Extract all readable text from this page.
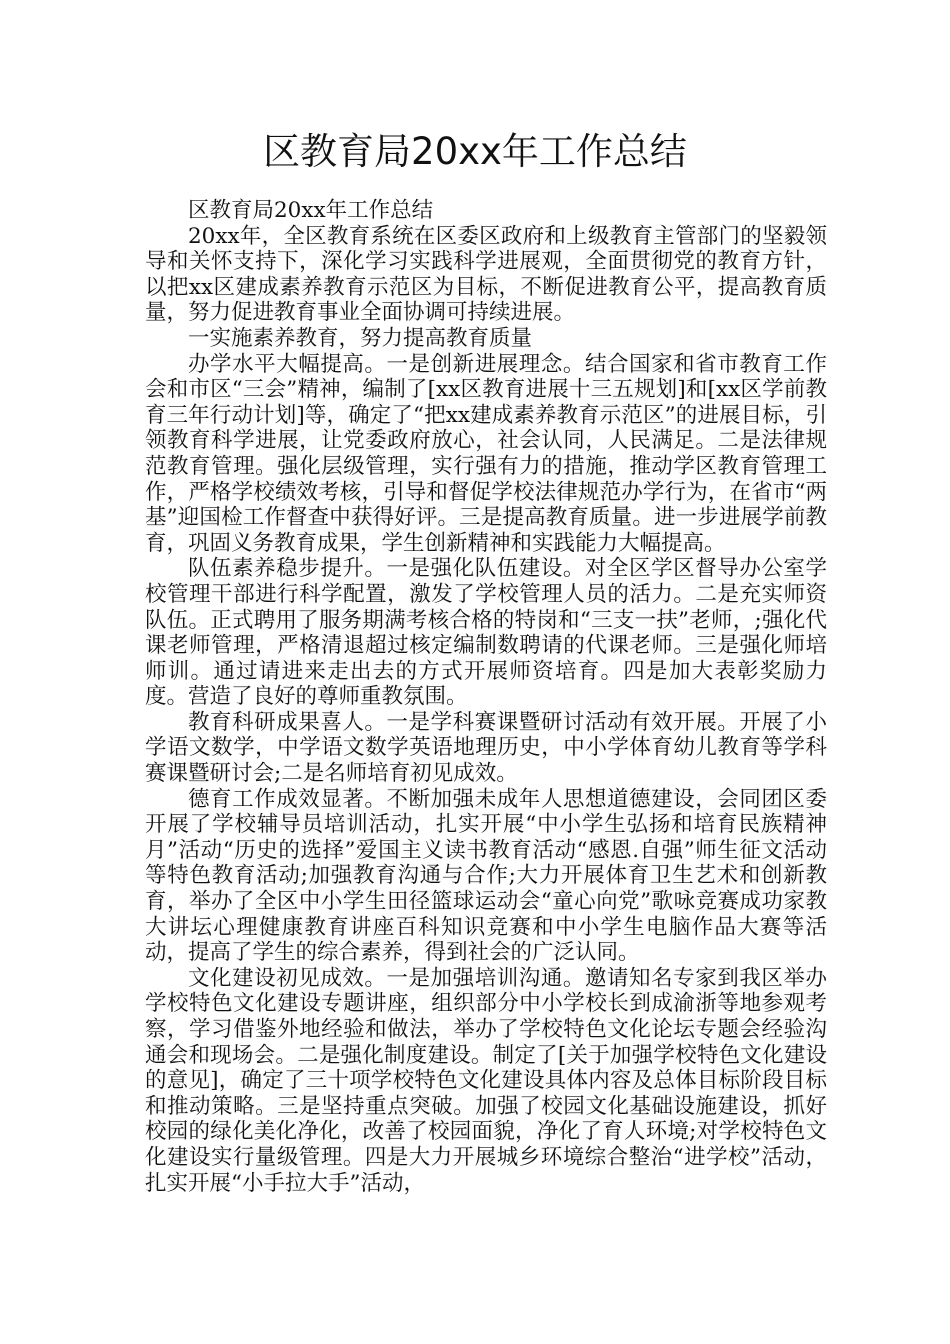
区教育局20xx年工作总结

区教育局20xx年工作总结

20xx年，全区教育系统在区委区政府和上级教育主管部门的坚毅领导和关怀支持下，深化学习实践科学进展观，全面贯彻党的教育方针，以把xx区建成素养教育示范区为目标，不断促进教育公平，提高教育质量，努力促进教育事业全面协调可持续进展。

一实施素养教育，努力提高教育质量

办学水平大幅提高。一是创新进展理念。结合国家和省市教育工作会和市区“三会”精神，编制了[xx区教育进展十三五规划]和[xx区学前教育三年行动计划]等，确定了“把xx建成素养教育示范区”的进展目标，引领教育科学进展，让党委政府放心，社会认同，人民满足。二是法律规范教育管理。强化层级管理，实行强有力的措施，推动学区教育管理工作，严格学校绩效考核，引导和督促学校法律规范办学行为，在省市“两基”迎国检工作督查中获得好评。三是提高教育质量。进一步进展学前教育，巩固义务教育成果，学生创新精神和实践能力大幅提高。

队伍素养稳步提升。一是强化队伍建设。对全区学区督导办公室学校管理干部进行科学配置，激发了学校管理人员的活力。二是充实师资队伍。正式聘用了服务期满考核合格的特岗和“三支一扶”老师，;强化代课老师管理，严格清退超过核定编制数聘请的代课老师。三是强化师培师训。通过请进来走出去的方式开展师资培育。四是加大表彰奖励力度。营造了良好的尊师重教氛围。

教育科研成果喜人。一是学科赛课暨研讨活动有效开展。开展了小学语文数学，中学语文数学英语地理历史，中小学体育幼儿教育等学科赛课暨研讨会;二是名师培育初见成效。

德育工作成效显著。不断加强未成年人思想道德建设，会同团区委开展了学校辅导员培训活动，扎实开展“中小学生弘扬和培育民族精神月”活动“历史的选择”爱国主义读书教育活动“感恩.自强”师生征文活动等特色教育活动;加强教育沟通与合作;大力开展体育卫生艺术和创新教育，举办了全区中小学生田径篮球运动会“童心向党”歌咏竞赛成功家教大讲坛心理健康教育讲座百科知识竞赛和中小学生电脑作品大赛等活动，提高了学生的综合素养，得到社会的广泛认同。

文化建设初见成效。一是加强培训沟通。邀请知名专家到我区举办学校特色文化建设专题讲座，组织部分中小学校长到成渝浙等地参观考察，学习借鉴外地经验和做法，举办了学校特色文化论坛专题会经验沟通会和现场会。二是强化制度建设。制定了[关于加强学校特色文化建设的意见]，确定了三十项学校特色文化建设具体内容及总体目标阶段目标和推动策略。三是坚持重点突破。加强了校园文化基础设施建设，抓好校园的绿化美化净化，改善了校园面貌，净化了育人环境;对学校特色文化建设实行量级管理。四是大力开展城乡环境综合整治“进学校”活动，扎实开展“小手拉大手”活动，
